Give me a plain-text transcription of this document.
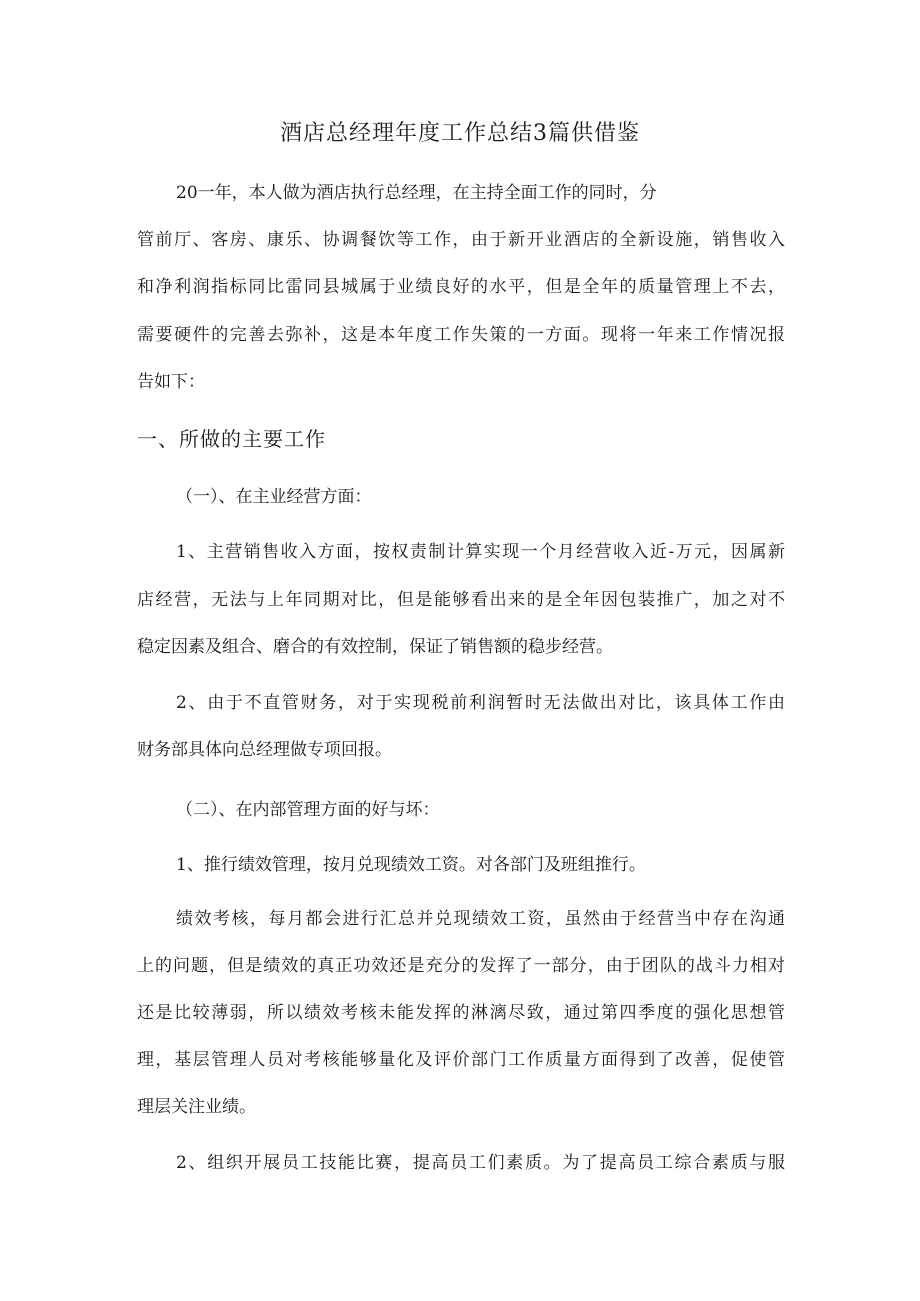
酒店总经理年度工作总结3篇供借鉴
20一年，本人做为酒店执行总经理，在主持全面工作的同时，分
管前厅、客房、康乐、协调餐饮等工作，由于新开业酒店的全新设施，销售收入
和净利润指标同比雷同县城属于业绩良好的水平，但是全年的质量管理上不去，
需要硬件的完善去弥补，这是本年度工作失策的一方面。现将一年来工作情况报
告如下：
一、所做的主要工作
（一）、在主业经营方面：
1、主营销售收入方面，按权责制计算实现一个月经营收入近-万元，因属新
店经营，无法与上年同期对比，但是能够看出来的是全年因包装推广，加之对不
稳定因素及组合、磨合的有效控制，保证了销售额的稳步经营。
2、由于不直管财务，对于实现税前利润暂时无法做出对比，该具体工作由
财务部具体向总经理做专项回报。
（二）、在内部管理方面的好与坏：
1、推行绩效管理，按月兑现绩效工资。对各部门及班组推行。
绩效考核，每月都会进行汇总并兑现绩效工资，虽然由于经营当中存在沟通
上的问题，但是绩效的真正功效还是充分的发挥了一部分，由于团队的战斗力相对
还是比较薄弱，所以绩效考核未能发挥的淋漓尽致，通过第四季度的强化思想管
理，基层管理人员对考核能够量化及评价部门工作质量方面得到了改善，促使管
理层关注业绩。
2、组织开展员工技能比赛，提高员工们素质。为了提高员工综合素质与服
